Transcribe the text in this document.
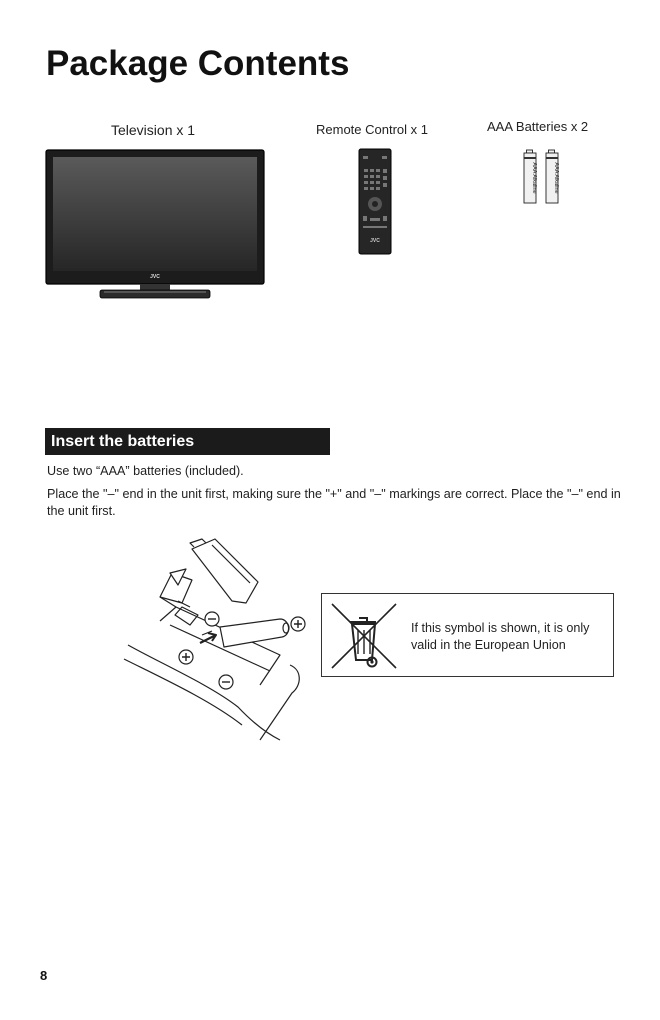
Package Contents
Television x 1	Remote Control x 1	AAA Batteries x 2
JVC
JVC
AAA Alkaline	AAA Alkaline
Insert the batteries

Use two “AAA” batteries (included).

Place the "–" end in the unit first, making sure the "+" and "–" markings are correct. Place the "–" end in the unit first.

If this symbol is shown, it is only valid in the European Union

8
